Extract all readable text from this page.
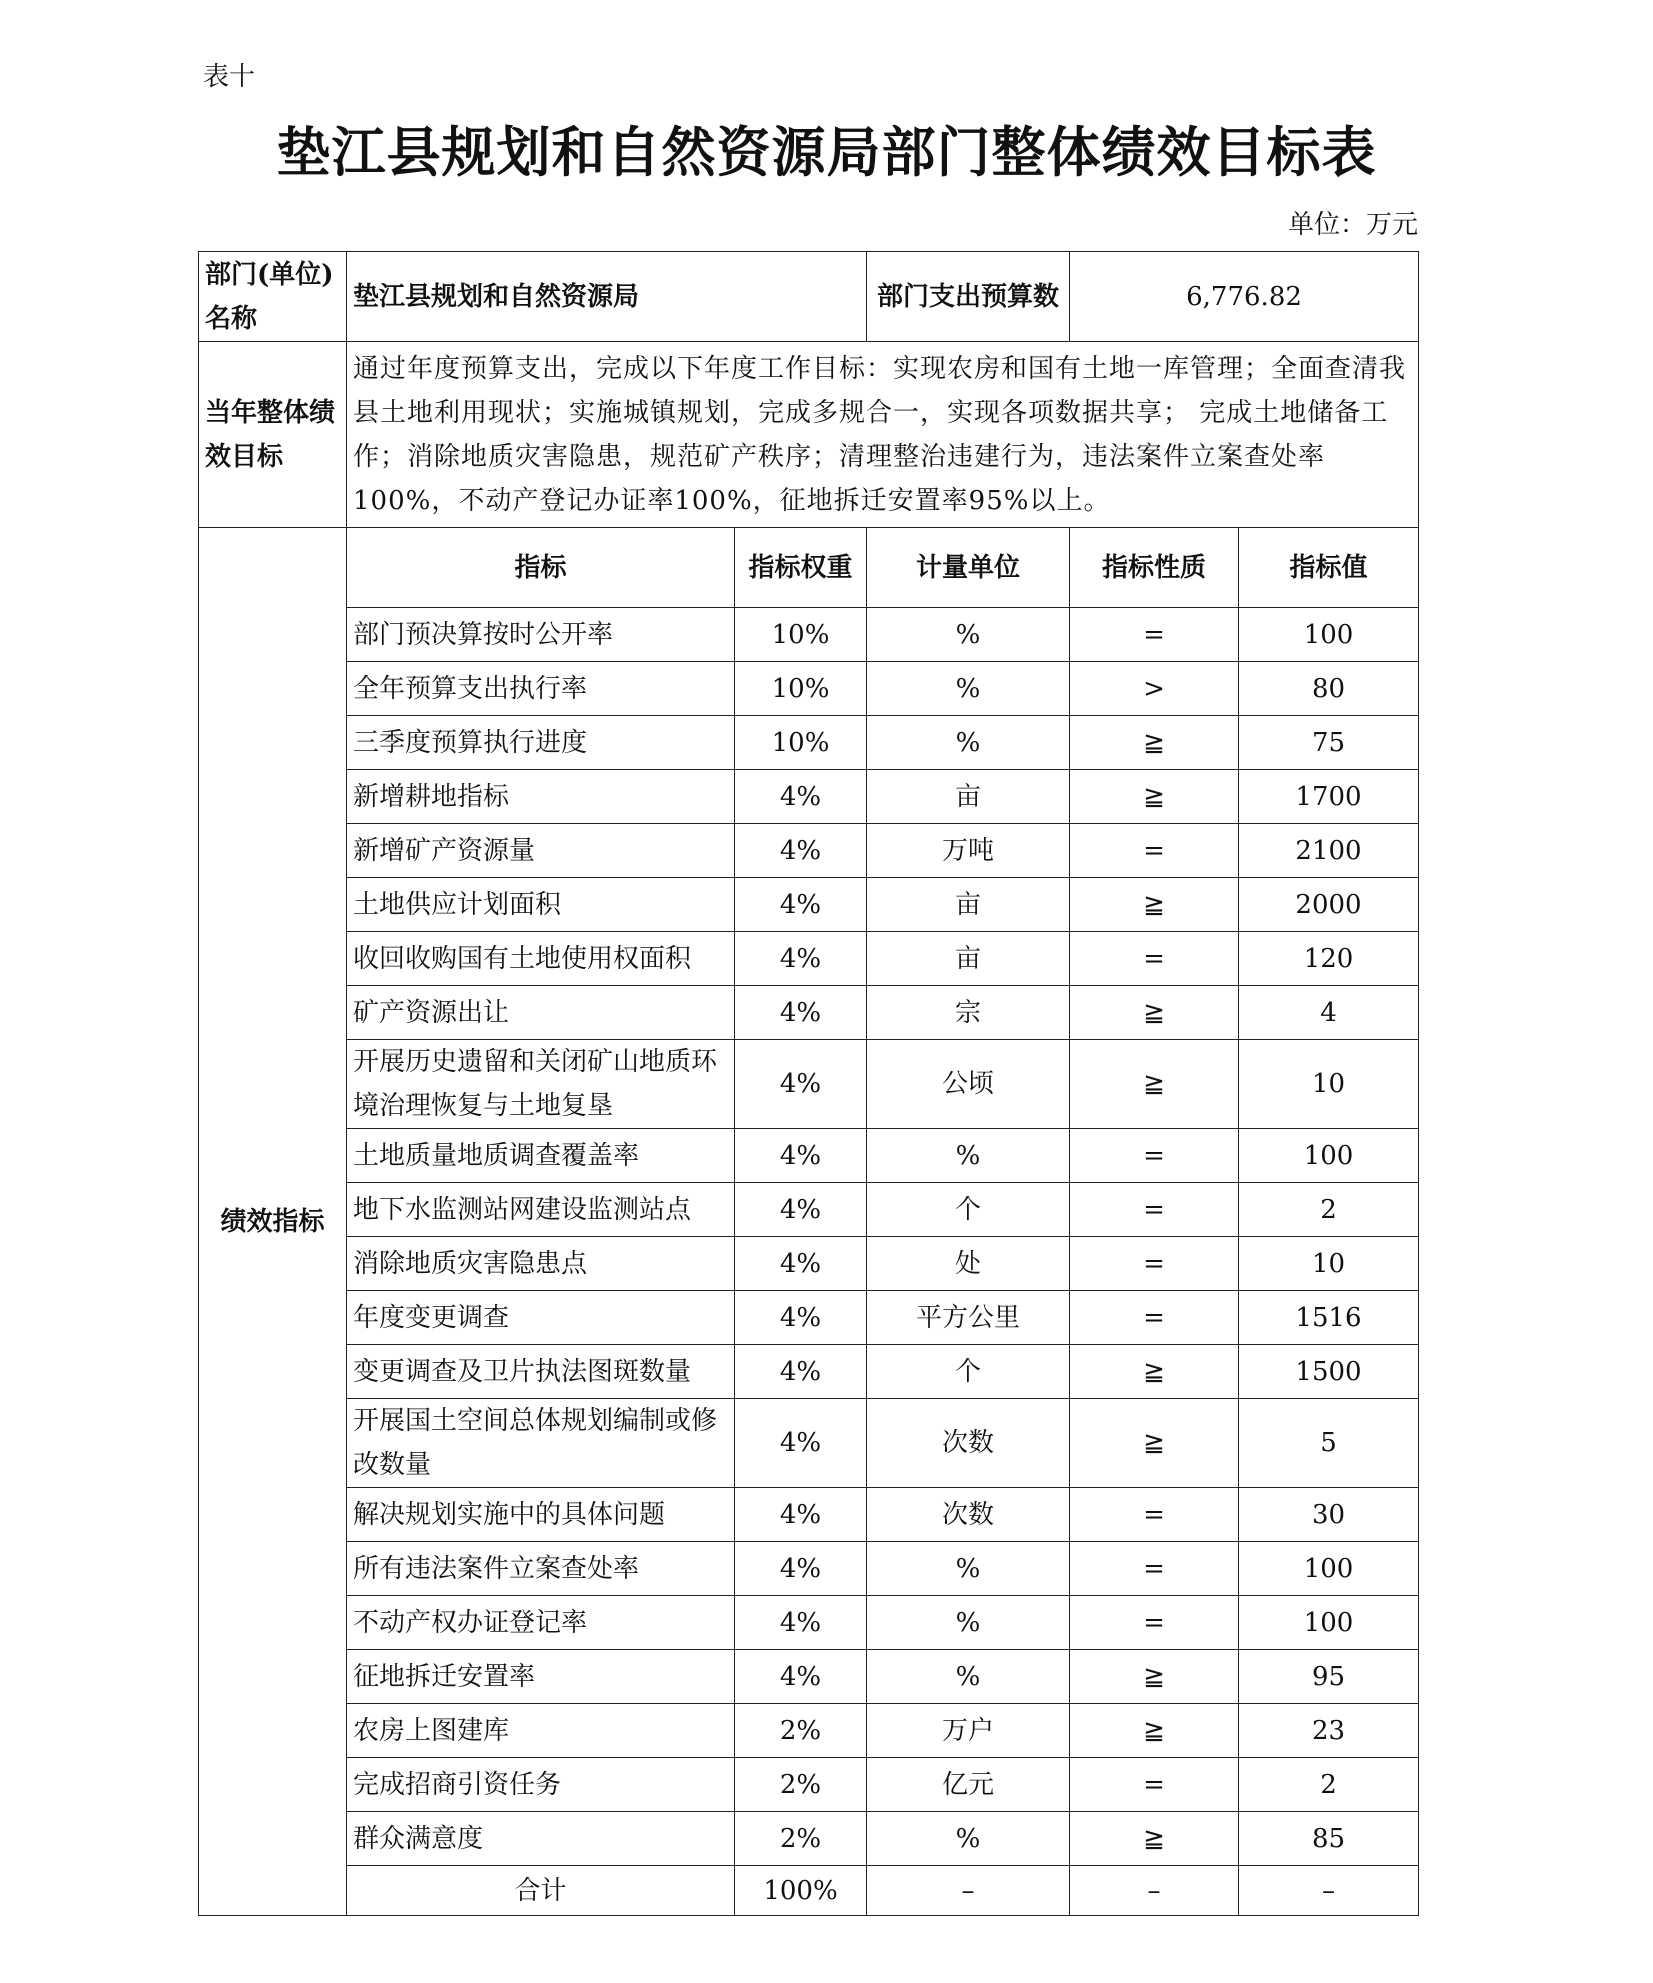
表十
垫江县规划和自然资源局部门整体绩效目标表
单位：万元
部门(单位)名称	垫江县规划和自然资源局		部门支出预算数	6,776.82	
当年整体绩效目标	通过年度预算支出，完成以下年度工作目标：实现农房和国有土地一库管理；全面查清我县土地利用现状；实施城镇规划，完成多规合一，实现各项数据共享； 完成土地储备工作；消除地质灾害隐患，规范矿产秩序；清理整治违建行为，违法案件立案查处率100%，不动产登记办证率100%，征地拆迁安置率95%以上。				
绩效指标	指标	指标权重	计量单位	指标性质	指标值
	部门预决算按时公开率	10%	%	=	100
	全年预算支出执行率	10%	%	>	80
	三季度预算执行进度	10%	%	≧	75
	新增耕地指标	4%	亩	≧	1700
	新增矿产资源量	4%	万吨	=	2100
	土地供应计划面积	4%	亩	≧	2000
	收回收购国有土地使用权面积	4%	亩	=	120
	矿产资源出让	4%	宗	≧	4
	开展历史遗留和关闭矿山地质环境治理恢复与土地复垦	4%	公顷	≧	10
	土地质量地质调查覆盖率	4%	%	=	100
	地下水监测站网建设监测站点	4%	个	=	2
	消除地质灾害隐患点	4%	处	=	10
	年度变更调查	4%	平方公里	=	1516
	变更调查及卫片执法图斑数量	4%	个	≧	1500
	开展国土空间总体规划编制或修改数量	4%	次数	≧	5
	解决规划实施中的具体问题	4%	次数	=	30
	所有违法案件立案查处率	4%	%	=	100
	不动产权办证登记率	4%	%	=	100
	征地拆迁安置率	4%	%	≧	95
	农房上图建库	2%	万户	≧	23
	完成招商引资任务	2%	亿元	=	2
	群众满意度	2%	%	≧	85
	合计	100%	–	–	–
